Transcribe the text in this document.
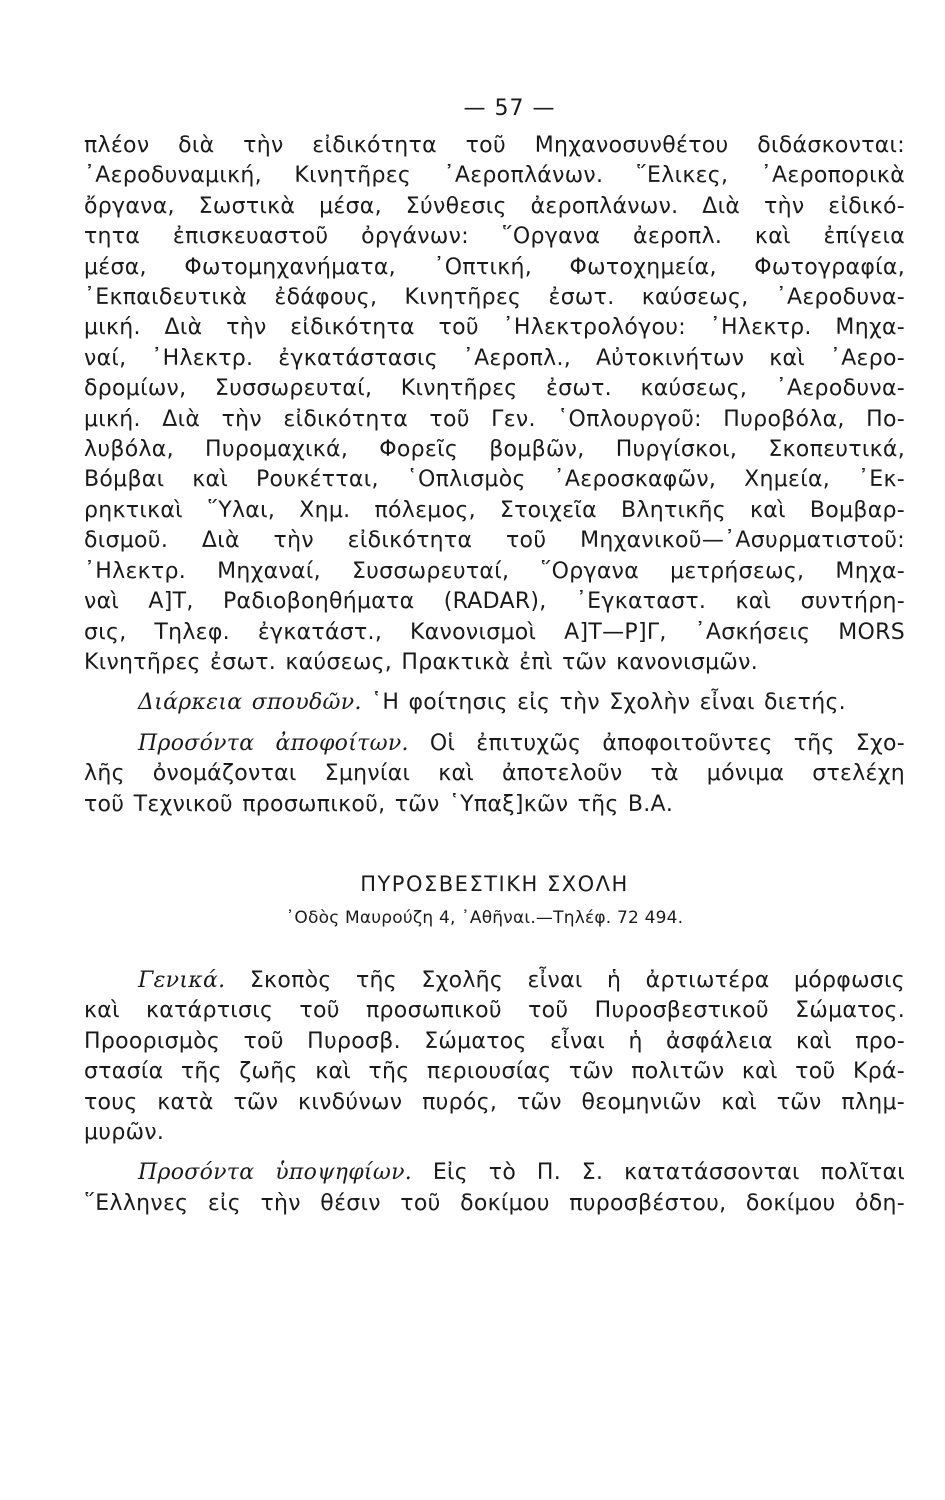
— 57 —
πλέον διὰ τὴν εἰδικότητα τοῦ Μηχανοσυνθέτου διδάσκονται:
᾿Αεροδυναμική, Κινητῆρες ᾿Αεροπλάνων. ῞Ελικες, ᾿Αεροπορικὰ
ὄργανα, Σωστικὰ μέσα, Σύνθεσις ἀεροπλάνων. Διὰ τὴν εἰδικό-
τητα ἐπισκευαστοῦ ὀργάνων: ῞Οργανα ἀεροπλ. καὶ ἐπίγεια
μέσα, Φωτομηχανήματα, ᾿Οπτική, Φωτοχημεία, Φωτογραφία,
᾿Εκπαιδευτικὰ ἐδάφους, Κινητῆρες ἐσωτ. καύσεως, ᾿Αεροδυνα-
μική. Διὰ τὴν εἰδικότητα τοῦ ᾿Ηλεκτρολόγου: ᾿Ηλεκτρ. Μηχα-
ναί, ᾿Ηλεκτρ. ἐγκατάστασις ᾿Αεροπλ., Αὐτοκινήτων καὶ ᾿Αερο-
δρομίων, Συσσωρευταί, Κινητῆρες ἐσωτ. καύσεως, ᾿Αεροδυνα-
μική. Διὰ τὴν εἰδικότητα τοῦ Γεν. ῾Οπλουργοῦ: Πυροβόλα, Πο-
λυβόλα, Πυρομαχικά, Φορεῖς βομβῶν, Πυργίσκοι, Σκοπευτικά,
Βόμβαι καὶ Ρουκέτται, ῾Οπλισμὸς ᾿Αεροσκαφῶν, Χημεία, ᾿Εκ-
ρηκτικαὶ ῞Υλαι, Χημ. πόλεμος, Στοιχεῖα Βλητικῆς καὶ Βομβαρ-
δισμοῦ. Διὰ τὴν εἰδικότητα τοῦ Μηχανικοῦ—᾿Ασυρματιστοῦ:
᾿Ηλεκτρ. Μηχαναί, Συσσωρευταί, ῞Οργανα μετρήσεως, Μηχα-
ναὶ Α]Τ, Ραδιοβοηθήματα (RADAR), ᾿Εγκαταστ. καὶ συντήρη-
σις, Τηλεφ. ἐγκατάστ., Κανονισμοὶ Α]Τ—Ρ]Γ, ᾿Ασκήσεις MORS
Κινητῆρες ἐσωτ. καύσεως, Πρακτικὰ ἐπὶ τῶν κανονισμῶν.
Διάρκεια σπουδῶν. ῾Η φοίτησις εἰς τὴν Σχολὴν εἶναι διετής.
Προσόντα ἀποφοίτων. Οἱ ἐπιτυχῶς ἀποφοιτοῦντες τῆς Σχο-
λῆς ὀνομάζονται Σμηνίαι καὶ ἀποτελοῦν τὰ μόνιμα στελέχη
τοῦ Τεχνικοῦ προσωπικοῦ, τῶν ῾Υπαξ]κῶν τῆς Β.Α.
ΠΥΡΟΣΒΕΣΤΙΚΗ ΣΧΟΛΗ
᾿Οδὸς Μαυρούζη 4, ᾿Αθῆναι.—Τηλέφ. 72 494.
Γενικά. Σκοπὸς τῆς Σχολῆς εἶναι ἡ ἀρτιωτέρα μόρφωσις
καὶ κατάρτισις τοῦ προσωπικοῦ τοῦ Πυροσβεστικοῦ Σώματος.
Προορισμὸς τοῦ Πυροσβ. Σώματος εἶναι ἡ ἀσφάλεια καὶ προ-
στασία τῆς ζωῆς καὶ τῆς περιουσίας τῶν πολιτῶν καὶ τοῦ Κρά-
τους κατὰ τῶν κινδύνων πυρός, τῶν θεομηνιῶν καὶ τῶν πλημ-
μυρῶν.
Προσόντα ὑποψηφίων. Εἰς τὸ Π. Σ. κατατάσσονται πολῖται
῞Ελληνες εἰς τὴν θέσιν τοῦ δοκίμου πυροσβέστου, δοκίμου ὀδη-
